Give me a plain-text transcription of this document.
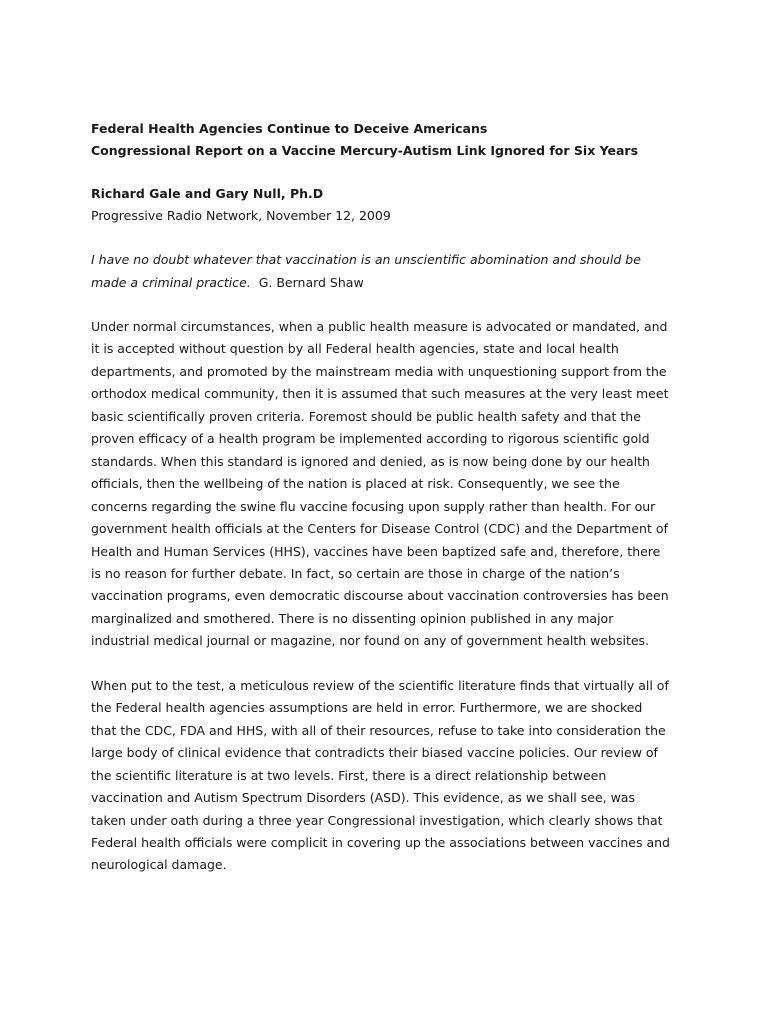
Federal Health Agencies Continue to Deceive Americans
Congressional Report on a Vaccine Mercury-Autism Link Ignored for Six Years
Richard Gale and Gary Null, Ph.D
Progressive Radio Network, November 12, 2009
I have no doubt whatever that vaccination is an unscientific abomination and should be
made a criminal practice. G. Bernard Shaw
Under normal circumstances, when a public health measure is advocated or mandated, and
it is accepted without question by all Federal health agencies, state and local health
departments, and promoted by the mainstream media with unquestioning support from the
orthodox medical community, then it is assumed that such measures at the very least meet
basic scientifically proven criteria. Foremost should be public health safety and that the
proven efficacy of a health program be implemented according to rigorous scientific gold
standards. When this standard is ignored and denied, as is now being done by our health
officials, then the wellbeing of the nation is placed at risk. Consequently, we see the
concerns regarding the swine flu vaccine focusing upon supply rather than health. For our
government health officials at the Centers for Disease Control (CDC) and the Department of
Health and Human Services (HHS), vaccines have been baptized safe and, therefore, there
is no reason for further debate. In fact, so certain are those in charge of the nation’s
vaccination programs, even democratic discourse about vaccination controversies has been
marginalized and smothered. There is no dissenting opinion published in any major
industrial medical journal or magazine, nor found on any of government health websites.
When put to the test, a meticulous review of the scientific literature finds that virtually all of
the Federal health agencies assumptions are held in error. Furthermore, we are shocked
that the CDC, FDA and HHS, with all of their resources, refuse to take into consideration the
large body of clinical evidence that contradicts their biased vaccine policies. Our review of
the scientific literature is at two levels. First, there is a direct relationship between
vaccination and Autism Spectrum Disorders (ASD). This evidence, as we shall see, was
taken under oath during a three year Congressional investigation, which clearly shows that
Federal health officials were complicit in covering up the associations between vaccines and
neurological damage.
